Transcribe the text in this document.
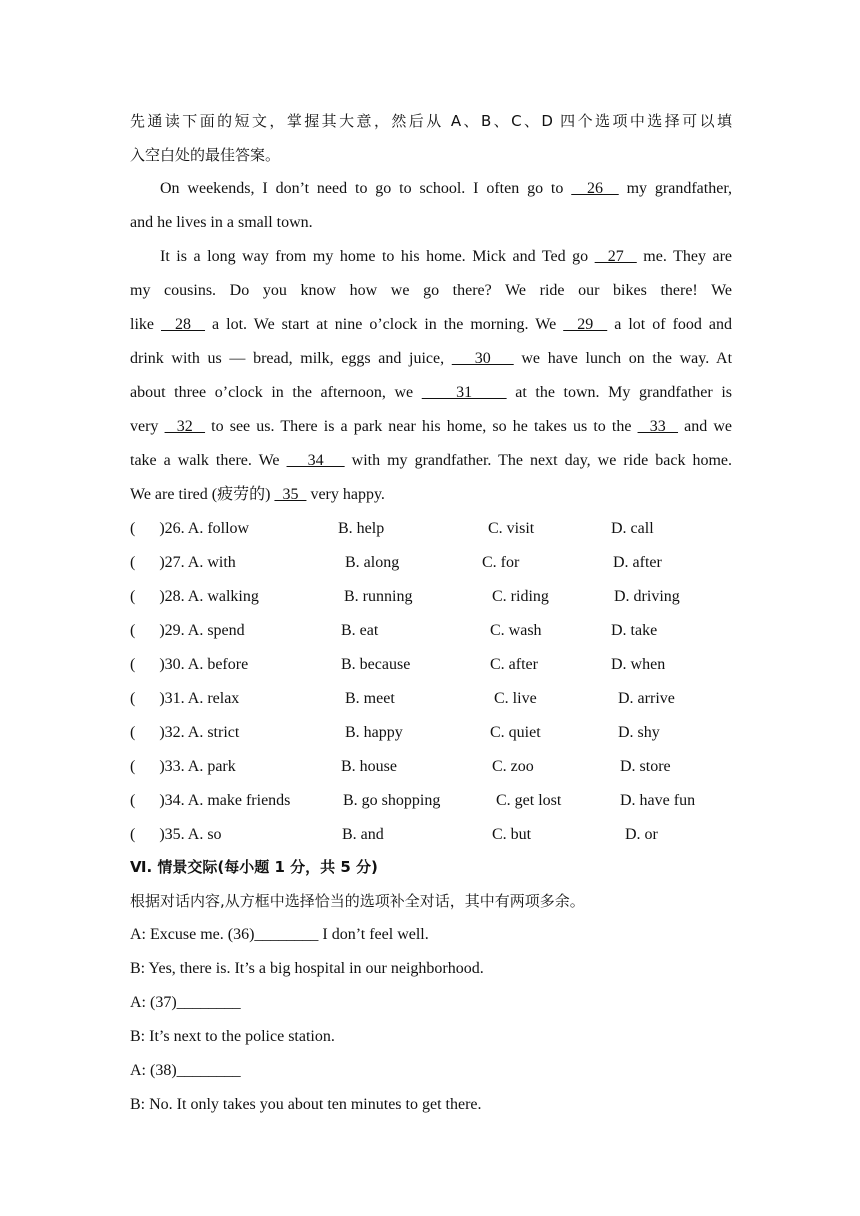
先通读下面的短文，掌握其大意，然后从 A、B、C、D 四个选项中选择可以填
入空白处的最佳答案。
On weekends, I don’t need to go to school. I often go to   26   my grandfather,
and he lives in a small town.
It is a long way from my home to his home. Mick and Ted go   27   me. They are
my cousins. Do you know how we go there? We ride our bikes there! We
like   28   a lot. We start at nine o’clock in the morning. We   29   a lot of food and
drink with us — bread, milk, eggs and juice,    30    we have lunch on the way. At
about three o’clock in the afternoon, we     31     at the town. My grandfather is
very   32   to see us. There is a park near his home, so he takes us to the   33   and we
take a walk there. We    34    with my grandfather. The next day, we ride back home.
We are tired (疲劳的)   35   very happy.
(      )26. A. follow	B. help	C. visit	D. call
(      )27. A. with	B. along	C. for	D. after
(      )28. A. walking	B. running	C. riding	D. driving
(      )29. A. spend	B. eat	C. wash	D. take
(      )30. A. before	B. because	C. after	D. when
(      )31. A. relax	B. meet	C. live	D. arrive
(      )32. A. strict	B. happy	C. quiet	D. shy
(      )33. A. park	B. house	C. zoo	D. store
(      )34. A. make friends	B. go shopping	C. get lost	D. have fun
(      )35. A. so	B. and	C. but	D. or
Ⅵ. 情景交际(每小题 1 分，共 5 分)
根据对话内容,从方框中选择恰当的选项补全对话，其中有两项多余。
A: Excuse me. (36)________ I don’t feel well.
B: Yes, there is. It’s a big hospital in our neighborhood.
A: (37)________
B: It’s next to the police station.
A: (38)________
B: No. It only takes you about ten minutes to get there.
